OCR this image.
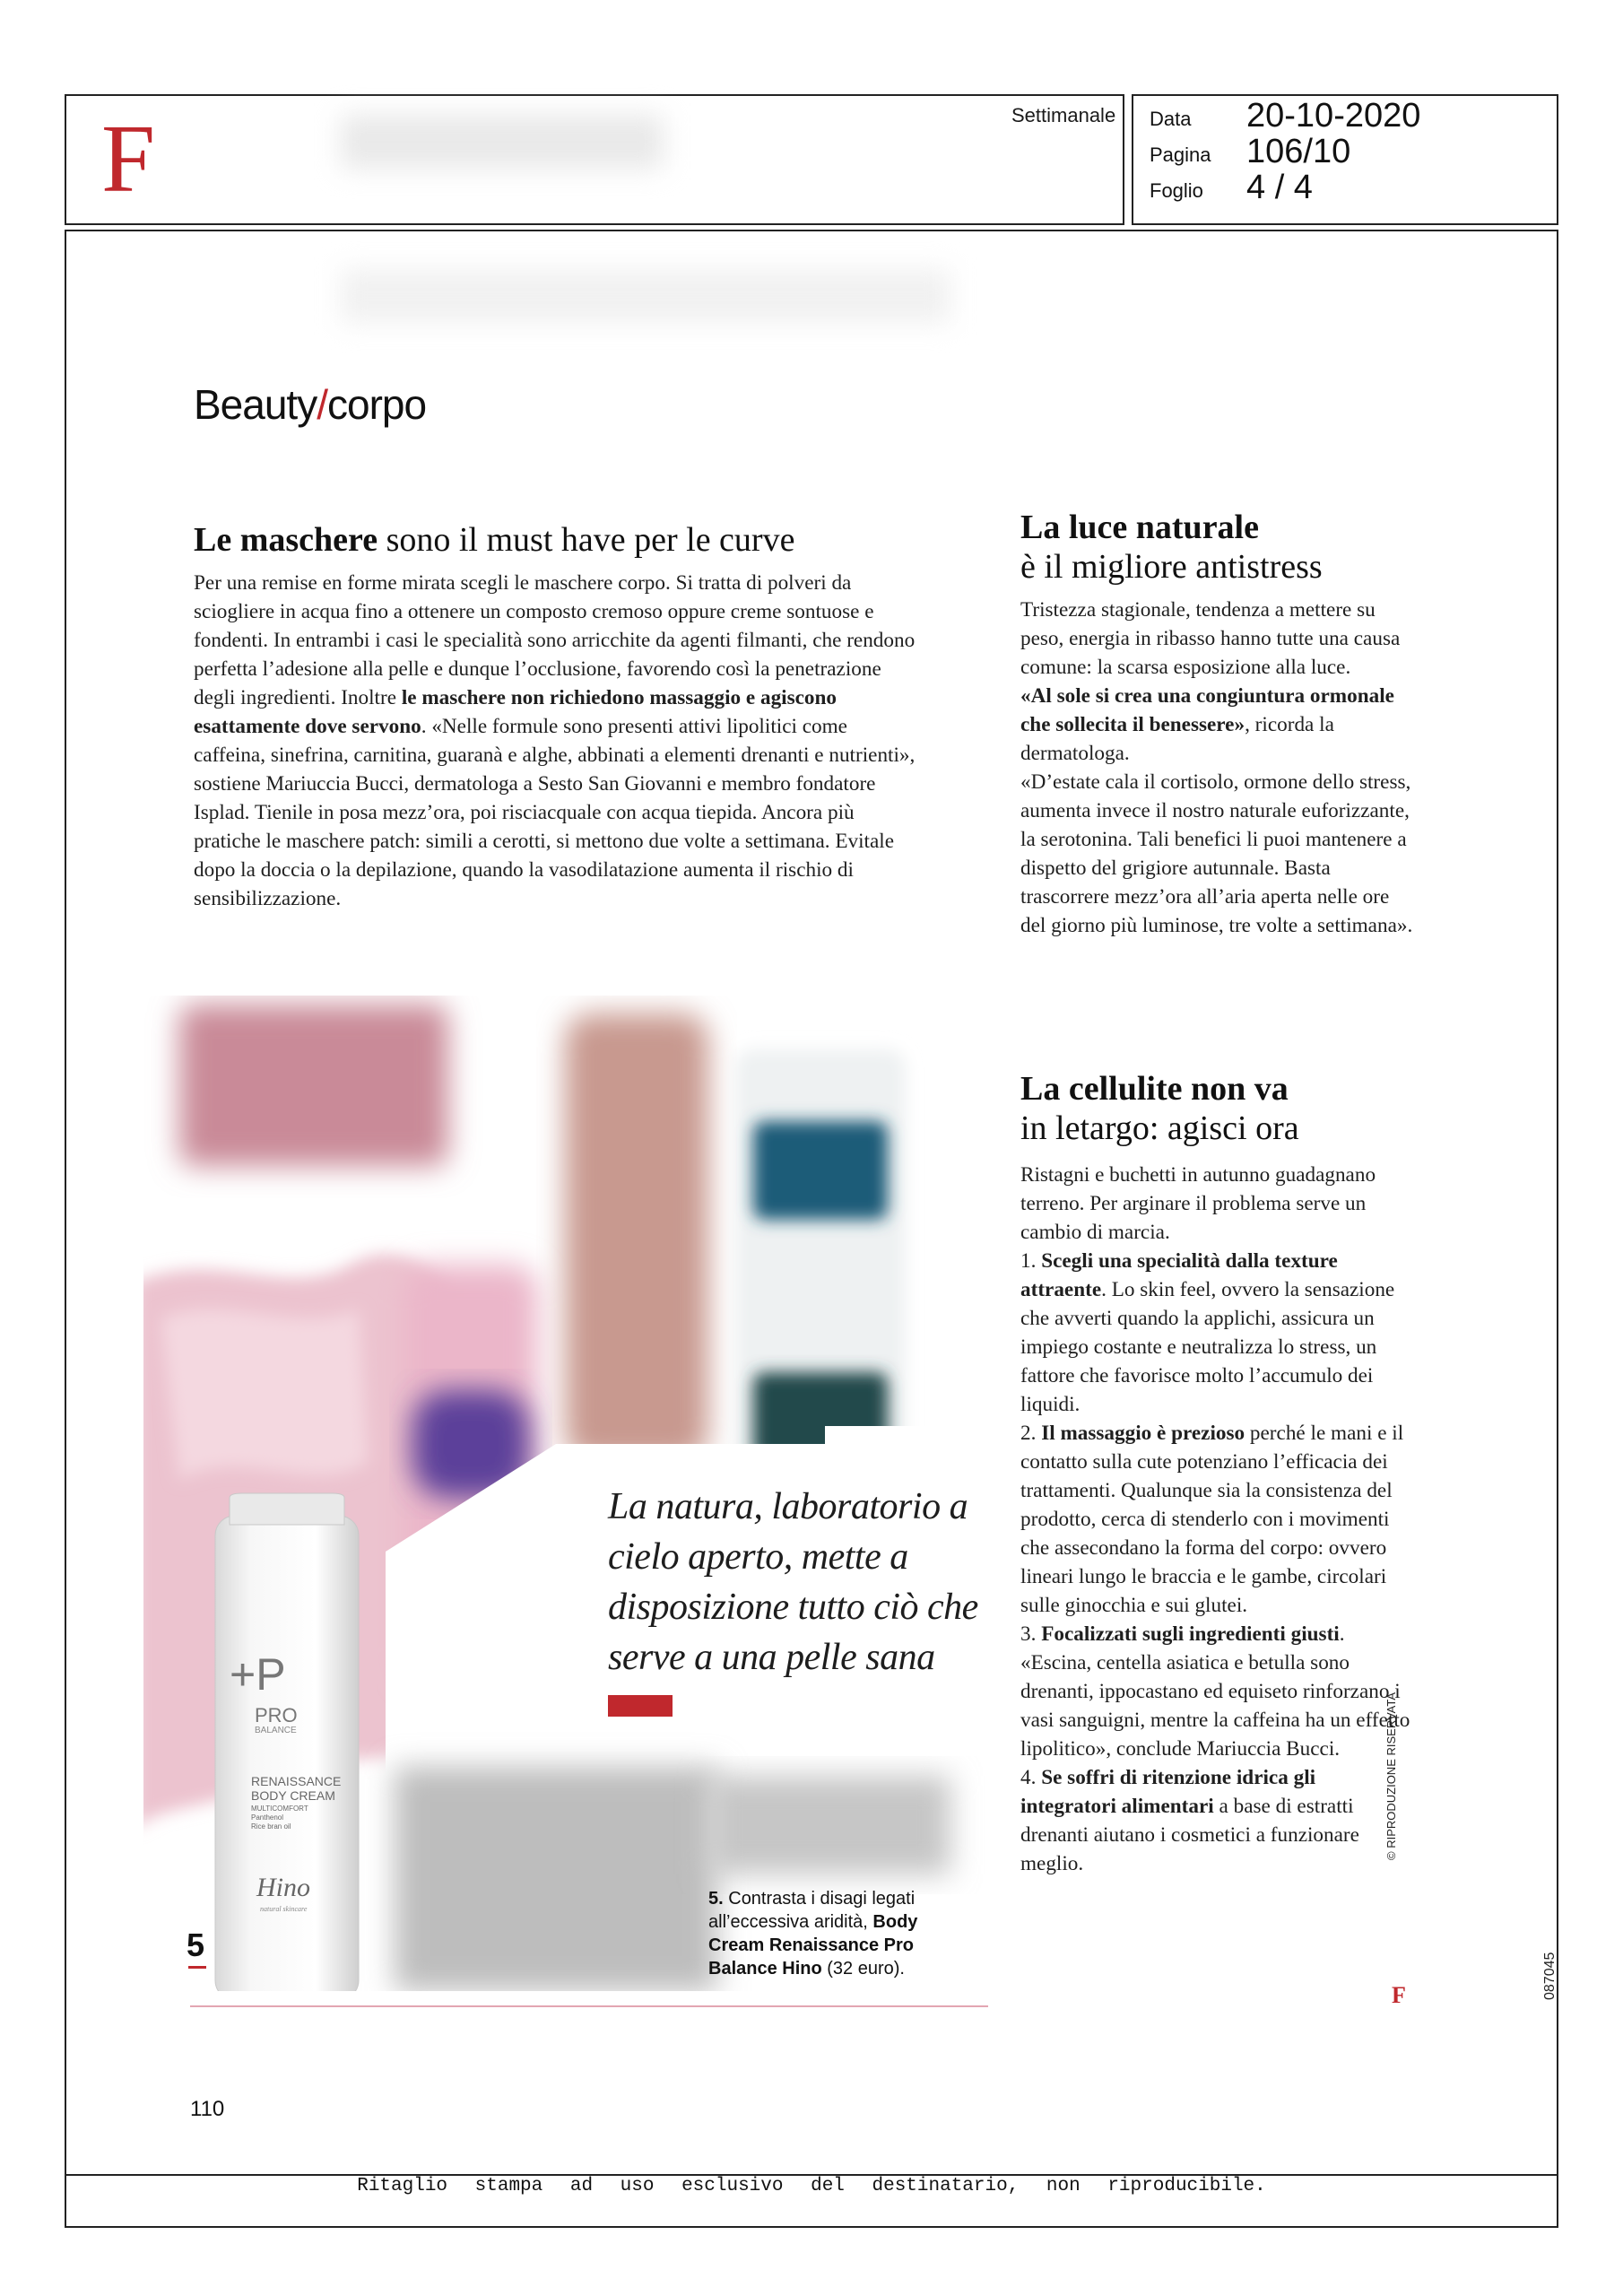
F	Settimanale Data 20-10-2020
Pagina 106/10
Foglio 4 / 4
Beauty/corpo
Le maschere sono il must have per le curve
Per una remise en forme mirata scegli le maschere corpo. Si tratta di polveri da sciogliere in acqua fino a ottenere un composto cremoso oppure creme sontuose e fondenti. In entrambi i casi le specialità sono arricchite da agenti filmanti, che rendono perfetta l’adesione alla pelle e dunque l’occlusione, favorendo così la penetrazione degli ingredienti. Inoltre le maschere non richiedono massaggio e agiscono esattamente dove servono. «Nelle formule sono presenti attivi lipolitici come caffeina, sinefrina, carnitina, guaranà e alghe, abbinati a elementi drenanti e nutrienti», sostiene Mariuccia Bucci, dermatologa a Sesto San Giovanni e membro fondatore Isplad. Tienile in posa mezz’ora, poi risciacquale con acqua tiepida. Ancora più pratiche le maschere patch: simili a cerotti, si mettono due volte a settimana. Evitale dopo la doccia o la depilazione, quando la vasodilatazione aumenta il rischio di sensibilizzazione.
La luce naturale
è il migliore antistress
Tristezza stagionale, tendenza a mettere su peso, energia in ribasso hanno tutte una causa comune: la scarsa esposizione alla luce.
«Al sole si crea una congiuntura ormonale che sollecita il benessere», ricorda la dermatologa.
«D’estate cala il cortisolo, ormone dello stress, aumenta invece il nostro naturale euforizzante, la serotonina. Tali benefici li puoi mantenere a dispetto del grigiore autunnale. Basta trascorrere mezz’ora all’aria aperta nelle ore del giorno più luminose, tre volte a settimana».
La cellulite non va
in letargo: agisci ora
Ristagni e buchetti in autunno guadagnano terreno. Per arginare il problema serve un cambio di marcia.
1. Scegli una specialità dalla texture attraente. Lo skin feel, ovvero la sensazione che avverti quando la applichi, assicura un impiego costante e neutralizza lo stress, un fattore che favorisce molto l’accumulo dei liquidi.
2. Il massaggio è prezioso perché le mani e il contatto sulla cute potenziano l’efficacia dei trattamenti. Qualunque sia la consistenza del prodotto, cerca di stenderlo con i movimenti che assecondano la forma del corpo: ovvero lineari lungo le braccia e le gambe, circolari sulle ginocchia e sui glutei.
3. Focalizzati sugli ingredienti giusti. «Escina, centella asiatica e betulla sono drenanti, ippocastano ed equiseto rinforzano i vasi sanguigni, mentre la caffeina ha un effetto lipolitico», conclude Mariuccia Bucci.
4. Se soffri di ritenzione idrica gli integratori alimentari a base di estratti drenanti aiutano i cosmetici a funzionare meglio.
F
+P
PRO
BALANCE
RENAISSANCE
BODY CREAM
MULTICOMFORT
Panthenol
Rice bran oil
Hino
natural skincare
5
La natura, laboratorio a cielo aperto, mette a disposizione tutto ciò che serve a una pelle sana
5. Contrasta i disagi legati all’eccessiva aridità, Body Cream Renaissance Pro Balance Hino (32 euro).
© RIPRODUZIONE RISERVATA
087045
110
Ritaglio stampa ad uso esclusivo del destinatario, non riproducibile.
